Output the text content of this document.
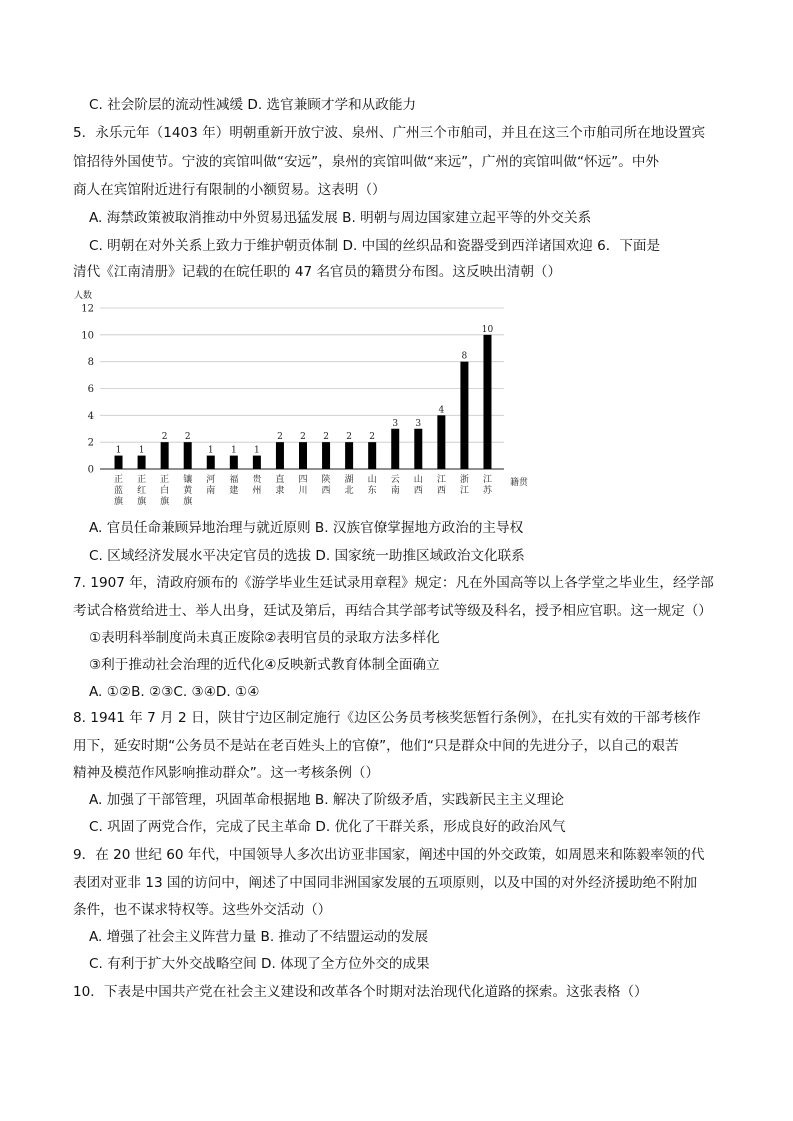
C. 社会阶层的流动性减缓 D. 选官兼顾才学和从政能力
5．永乐元年（1403 年）明朝重新开放宁波、泉州、广州三个市舶司，并且在这三个市舶司所在地设置宾
馆招待外国使节。宁波的宾馆叫做“安远”，泉州的宾馆叫做“来远”，广州的宾馆叫做“怀远”。中外
商人在宾馆附近进行有限制的小额贸易。这表明（）
A. 海禁政策被取消推动中外贸易迅猛发展 B. 明朝与周边国家建立起平等的外交关系
C. 明朝在对外关系上致力于维护朝贡体制 D. 中国的丝织品和瓷器受到西洋诸国欢迎 6．下面是
清代《江南清册》记载的在皖任职的 47 名官员的籍贯分布图。这反映出清朝（）
人数
0
2
4
6
8
10
12
1
正
蓝
旗
1
正
红
旗
2
正
白
旗
2
镶
黄
旗
1
河
南
1
福
建
1
贵
州
2
直
隶
2
四
川
2
陕
西
2
湖
北
2
山
东
3
云
南
3
山
西
4
江
西
8
浙
江
10
江
苏
籍贯
A. 官员任命兼顾异地治理与就近原则 B. 汉族官僚掌握地方政治的主导权
C. 区域经济发展水平决定官员的选拔 D. 国家统一助推区域政治文化联系
7. 1907 年，清政府颁布的《游学毕业生廷试录用章程》规定：凡在外国高等以上各学堂之毕业生，经学部
考试合格赏给进士、举人出身，廷试及第后，再结合其学部考试等级及科名，授予相应官职。这一规定（）
①表明科举制度尚未真正废除②表明官员的录取方法多样化
③利于推动社会治理的近代化④反映新式教育体制全面确立
A. ①②B. ②③C. ③④D. ①④
8. 1941 年 7 月 2 日，陕甘宁边区制定施行《边区公务员考核奖惩暂行条例》，在扎实有效的干部考核作
用下，延安时期“公务员不是站在老百姓头上的官僚”，他们“只是群众中间的先进分子，以自己的艰苦
精神及模范作风影响推动群众”。这一考核条例（）
A. 加强了干部管理，巩固革命根据地 B. 解决了阶级矛盾，实践新民主主义理论
C. 巩固了两党合作，完成了民主革命 D. 优化了干群关系，形成良好的政治风气
9．在 20 世纪 60 年代，中国领导人多次出访亚非国家，阐述中国的外交政策，如周恩来和陈毅率领的代
表团对亚非 13 国的访问中，阐述了中国同非洲国家发展的五项原则，以及中国的对外经济援助绝不附加
条件，也不谋求特权等。这些外交活动（）
A. 增强了社会主义阵营力量 B. 推动了不结盟运动的发展
C. 有利于扩大外交战略空间 D. 体现了全方位外交的成果
10．下表是中国共产党在社会主义建设和改革各个时期对法治现代化道路的探索。这张表格（）
